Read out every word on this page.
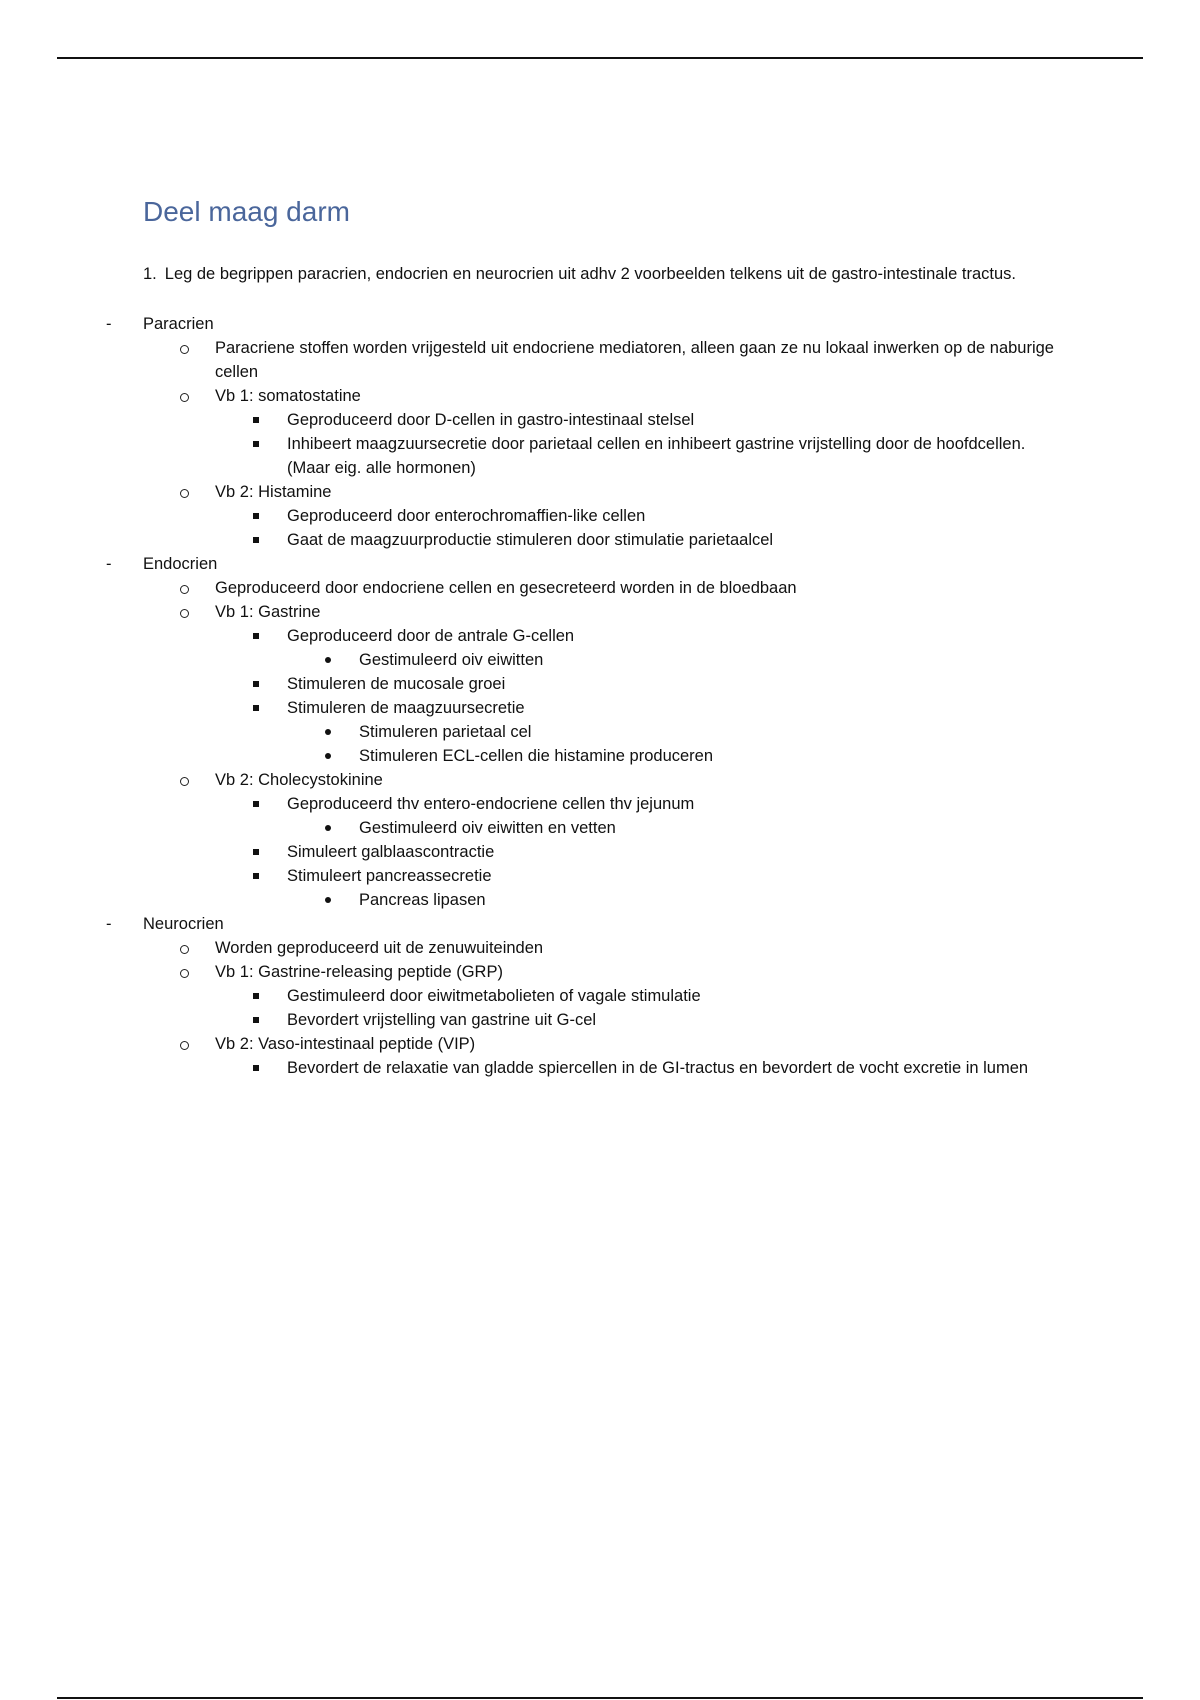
Deel maag darm

1. Leg de begrippen paracrien, endocrien en neurocrien uit adhv 2 voorbeelden telkens uit de gastro-intestinale tractus.

-	Paracrien
Paracriene stoffen worden vrijgesteld uit endocriene mediatoren, alleen gaan ze nu lokaal inwerken op de naburige cellen
Vb 1: somatostatine
Geproduceerd door D-cellen in gastro-intestinaal stelsel
Inhibeert maagzuursecretie door parietaal cellen en inhibeert gastrine vrijstelling door de hoofdcellen. (Maar eig. alle hormonen)
Vb 2: Histamine
Geproduceerd door enterochromaffien-like cellen
Gaat de maagzuurproductie stimuleren door stimulatie parietaalcel
-	Endocrien
Geproduceerd door endocriene cellen en gesecreteerd worden in de bloedbaan
Vb 1: Gastrine
Geproduceerd door de antrale G-cellen
Gestimuleerd oiv eiwitten
Stimuleren de mucosale groei
Stimuleren de maagzuursecretie
Stimuleren parietaal cel
Stimuleren ECL-cellen die histamine produceren
Vb 2: Cholecystokinine
Geproduceerd thv entero-endocriene cellen thv jejunum
Gestimuleerd oiv eiwitten en vetten
Simuleert galblaascontractie
Stimuleert pancreassecretie
Pancreas lipasen
-	Neurocrien
Worden geproduceerd uit de zenuwuiteinden
Vb 1: Gastrine-releasing peptide (GRP)
Gestimuleerd door eiwitmetabolieten of vagale stimulatie
Bevordert vrijstelling van gastrine uit G-cel
Vb 2: Vaso-intestinaal peptide (VIP)
Bevordert de relaxatie van gladde spiercellen in de GI-tractus en bevordert de vocht excretie in lumen
